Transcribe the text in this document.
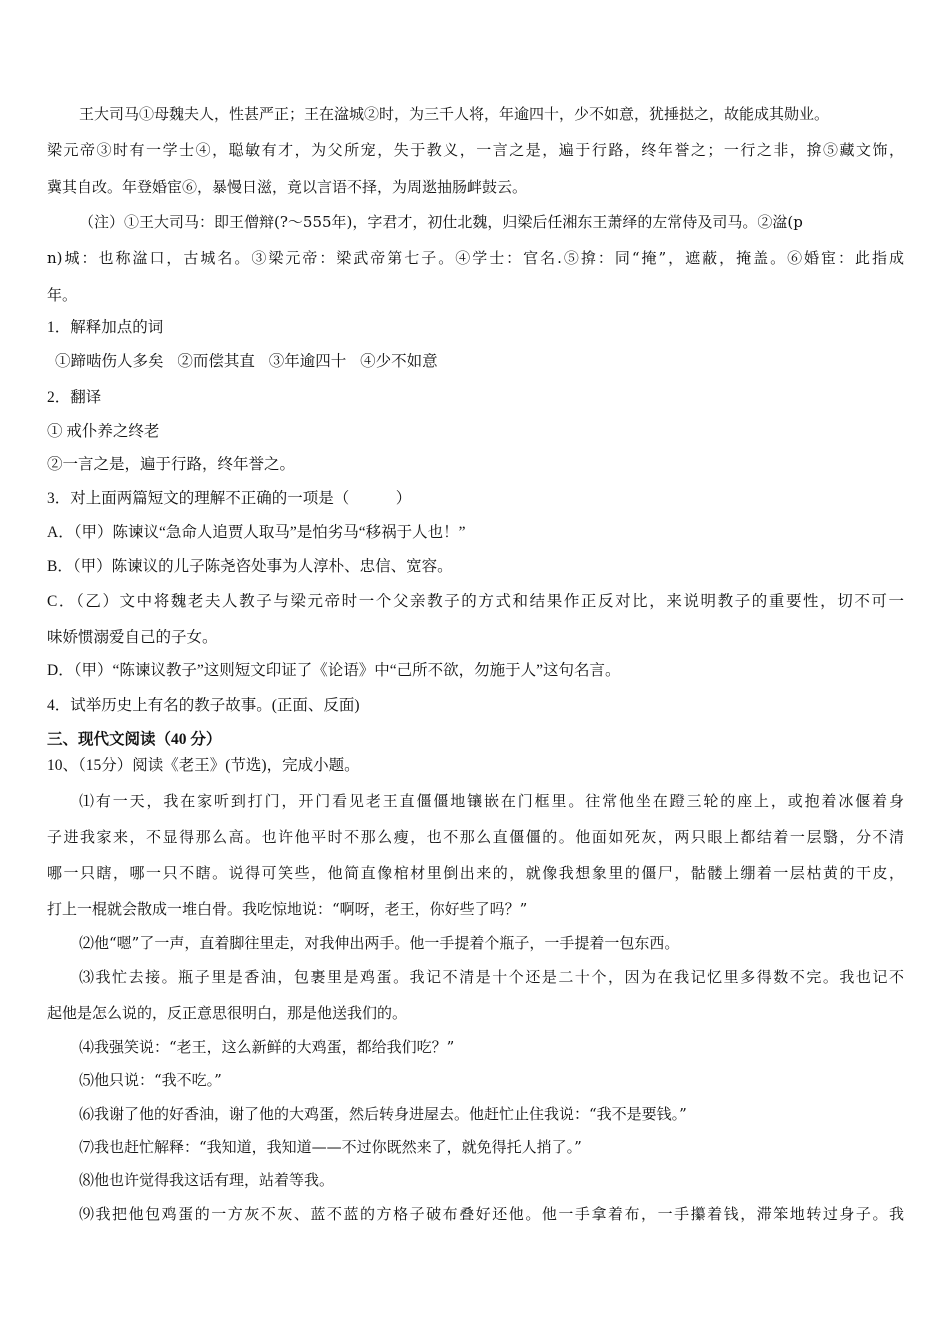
王大司马①母魏夫人，性甚严正；王在湓城②时，为三千人将，年逾四十，少不如意，犹捶挞之，故能成其勋业。
梁元帝③时有一学士④，聪敏有才，为父所宠，失于教义，一言之是，遍于行路，终年誉之；一行之非，揜⑤藏文饰，
冀其自改。年登婚宦⑥，暴慢日滋，竟以言语不择，为周逖抽肠衅鼓云。
（注）①王大司马：即王僧辩(?～555年)，字君才，初仕北魏，归梁后任湘东王萧绎的左常侍及司马。②湓(p
n)城：也称湓口，古城名。③梁元帝：梁武帝第七子。④学士：官名.⑤揜：同“掩”，遮蔽，掩盖。⑥婚宦：此指成
年。
1．解释加点的词
①蹄啮伤人多矣 ②而偿其直 ③年逾四十 ④少不如意
2．翻译
① 戒仆养之终老
②一言之是，遍于行路，终年誉之。
3．对上面两篇短文的理解不正确的一项是（　　　）
A．（甲）陈谏议“急命人追贾人取马”是怕劣马“移祸于人也！”
B．（甲）陈谏议的儿子陈尧咨处事为人淳朴、忠信、宽容。
C．（乙）文中将魏老夫人教子与梁元帝时一个父亲教子的方式和结果作正反对比，来说明教子的重要性，切不可一
味娇惯溺爱自己的子女。
D．（甲）“陈谏议教子”这则短文印证了《论语》中“己所不欲，勿施于人”这句名言。
4．试举历史上有名的教子故事。(正面、反面)
三、现代文阅读（40 分）
10、（15分）阅读《老王》(节选)，完成小题。
⑴有一天，我在家听到打门，开门看见老王直僵僵地镶嵌在门框里。往常他坐在蹬三轮的座上，或抱着冰偃着身
子进我家来，不显得那么高。也许他平时不那么瘦，也不那么直僵僵的。他面如死灰，两只眼上都结着一层翳，分不清
哪一只瞎，哪一只不瞎。说得可笑些，他简直像棺材里倒出来的，就像我想象里的僵尸，骷髅上绷着一层枯黄的干皮，
打上一棍就会散成一堆白骨。我吃惊地说：“啊呀，老王，你好些了吗？”
⑵他“嗯”了一声，直着脚往里走，对我伸出两手。他一手提着个瓶子，一手提着一包东西。
⑶我忙去接。瓶子里是香油，包裹里是鸡蛋。我记不清是十个还是二十个，因为在我记忆里多得数不完。我也记不
起他是怎么说的，反正意思很明白，那是他送我们的。
⑷我强笑说：“老王，这么新鲜的大鸡蛋，都给我们吃？”
⑸他只说：“我不吃。”
⑹我谢了他的好香油，谢了他的大鸡蛋，然后转身进屋去。他赶忙止住我说：“我不是要钱。”
⑺我也赶忙解释：“我知道，我知道——不过你既然来了，就免得托人捎了。”
⑻他也许觉得我这话有理，站着等我。
⑼我把他包鸡蛋的一方灰不灰、蓝不蓝的方格子破布叠好还他。他一手拿着布，一手攥着钱，滞笨地转过身子。我
